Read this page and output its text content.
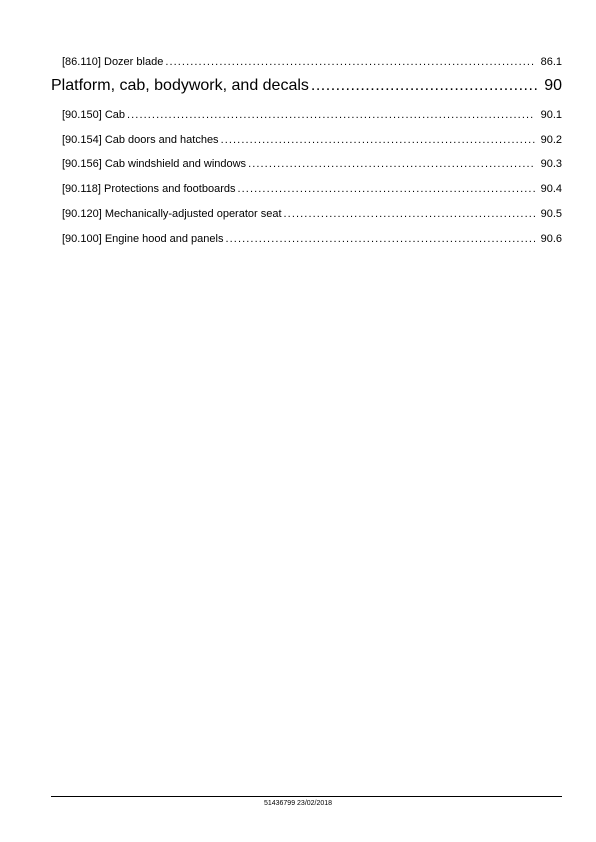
[86.110] Dozer blade .....	86.1
Platform, cab, bodywork, and decals .....	90
[90.150] Cab .....	90.1
[90.154] Cab doors and hatches .....	90.2
[90.156] Cab windshield and windows .....	90.3
[90.118] Protections and footboards .....	90.4
[90.120] Mechanically-adjusted operator seat .....	90.5
[90.100] Engine hood and panels .....	90.6
51436799 23/02/2018
